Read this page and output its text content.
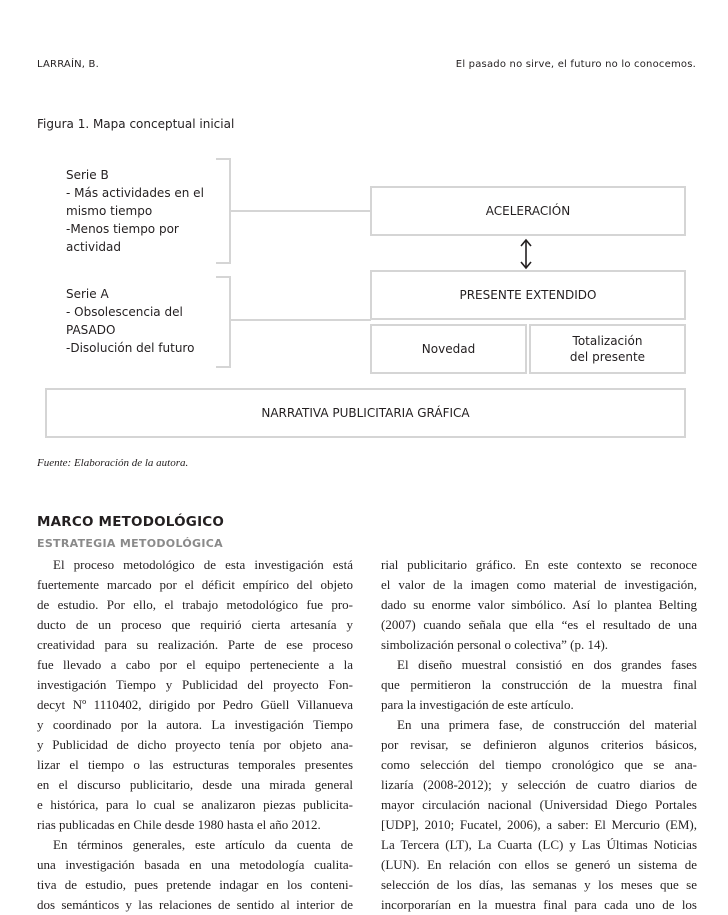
LARRAÍN, B.	El pasado no sirve, el futuro no lo conocemos.
Figura 1. Mapa conceptual inicial
Serie B
- Más actividades en el
mismo tiempo
-Menos tiempo por
actividad
Serie A
- Obsolescencia del
PASADO
-Disolución del futuro
ACELERACIÓN
PRESENTE EXTENDIDO
Novedad
Totalización
del presente
NARRATIVA PUBLICITARIA GRÁFICA
Fuente: Elaboración de la autora.
MARCO METODOLÓGICO
ESTRATEGIA METODOLÓGICA

El proceso metodológico de esta investigación está
fuertemente marcado por el déficit empírico del objeto
de estudio. Por ello, el trabajo metodológico fue pro-
ducto de un proceso que requirió cierta artesanía y
creatividad para su realización. Parte de ese proceso
fue llevado a cabo por el equipo perteneciente a la
investigación Tiempo y Publicidad del proyecto Fon-
decyt Nº 1110402, dirigido por Pedro Güell Villanueva
y coordinado por la autora. La investigación Tiempo
y Publicidad de dicho proyecto tenía por objeto ana-
lizar el tiempo o las estructuras temporales presentes
en el discurso publicitario, desde una mirada general
e histórica, para lo cual se analizaron piezas publicita-
rias publicadas en Chile desde 1980 hasta el año 2012.

En términos generales, este artículo da cuenta de
una investigación basada en una metodología cualita-
tiva de estudio, pues pretende indagar en los conteni-
dos semánticos y las relaciones de sentido al interior de

rial publicitario gráfico. En este contexto se reconoce
el valor de la imagen como material de investigación,
dado su enorme valor simbólico. Así lo plantea Belting
(2007) cuando señala que ella “es el resultado de una
simbolización personal o colectiva” (p. 14).

El diseño muestral consistió en dos grandes fases
que permitieron la construcción de la muestra final
para la investigación de este artículo.

En una primera fase, de construcción del material
por revisar, se definieron algunos criterios básicos,
como selección del tiempo cronológico que se ana-
lizaría (2008-2012); y selección de cuatro diarios de
mayor circulación nacional (Universidad Diego Portales
[UDP], 2010; Fucatel, 2006), a saber: El Mercurio (EM),
La Tercera (LT), La Cuarta (LC) y Las Últimas Noticias
(LUN). En relación con ellos se generó un sistema de
selección de los días, las semanas y los meses que se
incorporarían en la muestra final para cada uno de los
